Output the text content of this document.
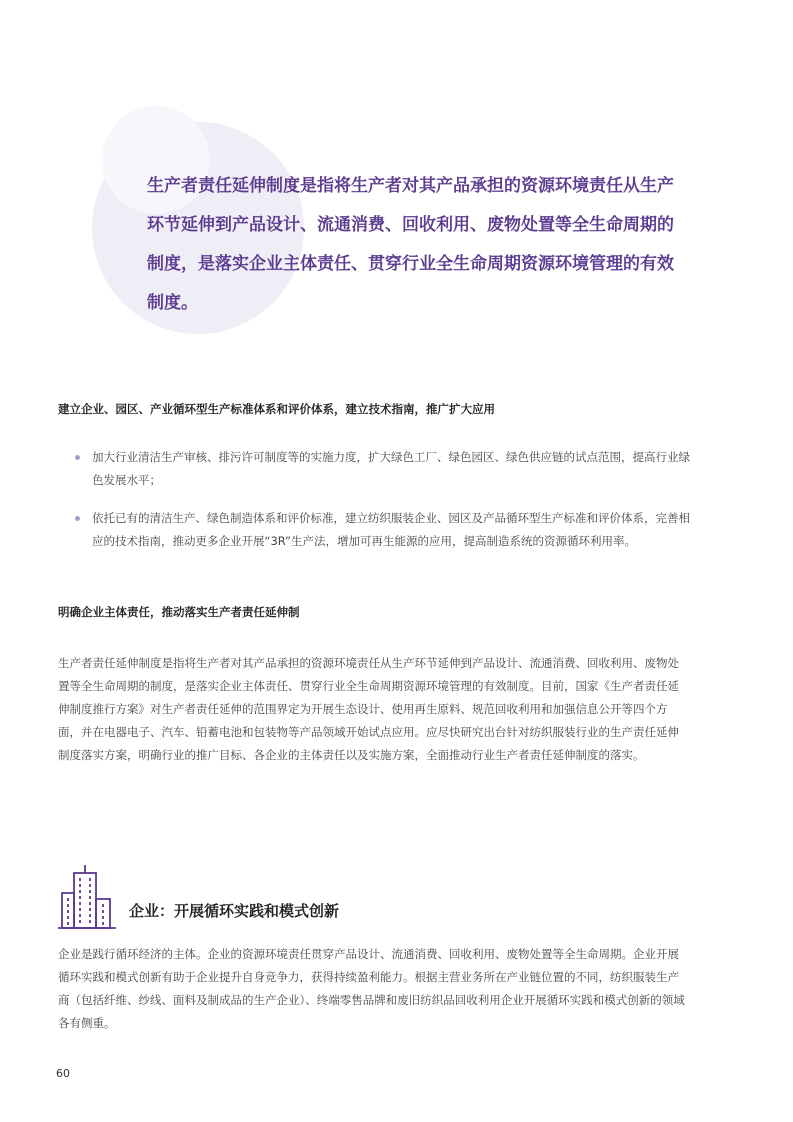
生产者责任延伸制度是指将生产者对其产品承担的资源环境责任从生产环节延伸到产品设计、流通消费、回收利用、废物处置等全生命周期的制度，是落实企业主体责任、贯穿行业全生命周期资源环境管理的有效制度。

建立企业、园区、产业循环型生产标准体系和评价体系，建立技术指南，推广扩大应用
加大行业清洁生产审核、排污许可制度等的实施力度，扩大绿色工厂、绿色园区、绿色供应链的试点范围，提高行业绿色发展水平；
依托已有的清洁生产、绿色制造体系和评价标准，建立纺织服装企业、园区及产品循环型生产标准和评价体系，完善相应的技术指南，推动更多企业开展“3R”生产法，增加可再生能源的应用，提高制造系统的资源循环利用率。
明确企业主体责任，推动落实生产者责任延伸制

生产者责任延伸制度是指将生产者对其产品承担的资源环境责任从生产环节延伸到产品设计、流通消费、回收利用、废物处置等全生命周期的制度，是落实企业主体责任、贯穿行业全生命周期资源环境管理的有效制度。目前，国家《生产者责任延伸制度推行方案》对生产者责任延伸的范围界定为开展生态设计、使用再生原料、规范回收利用和加强信息公开等四个方面，并在电器电子、汽车、铅蓄电池和包装物等产品领域开始试点应用。应尽快研究出台针对纺织服装行业的生产责任延伸制度落实方案，明确行业的推广目标、各企业的主体责任以及实施方案，全面推动行业生产者责任延伸制度的落实。

企业：开展循环实践和模式创新

企业是践行循环经济的主体。企业的资源环境责任贯穿产品设计、流通消费、回收利用、废物处置等全生命周期。企业开展循环实践和模式创新有助于企业提升自身竞争力，获得持续盈利能力。根据主营业务所在产业链位置的不同，纺织服装生产商（包括纤维、纱线、面料及制成品的生产企业）、终端零售品牌和废旧纺织品回收利用企业开展循环实践和模式创新的领域各有侧重。

60
